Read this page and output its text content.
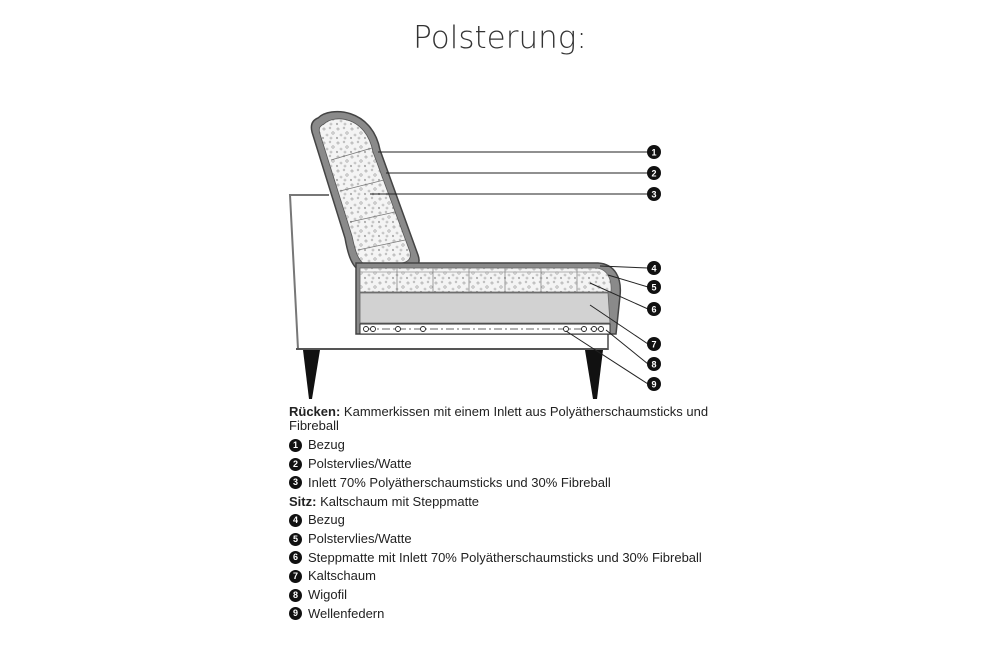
Polsterung:
1
2
3
4
5
6
7
8
9
Rücken: Kammerkissen mit einem Inlett aus Polyätherschaumsticks und Fibreball
1 Bezug
2 Polstervlies/Watte
3 Inlett 70% Polyätherschaumsticks und 30% Fibreball
Sitz:
Kaltschaum mit Steppmatte
4 Bezug
5 Polstervlies/Watte
6 Steppmatte mit Inlett 70% Polyätherschaumsticks und 30% Fibreball
7 Kaltschaum
8 Wigofil
9 Wellenfedern
